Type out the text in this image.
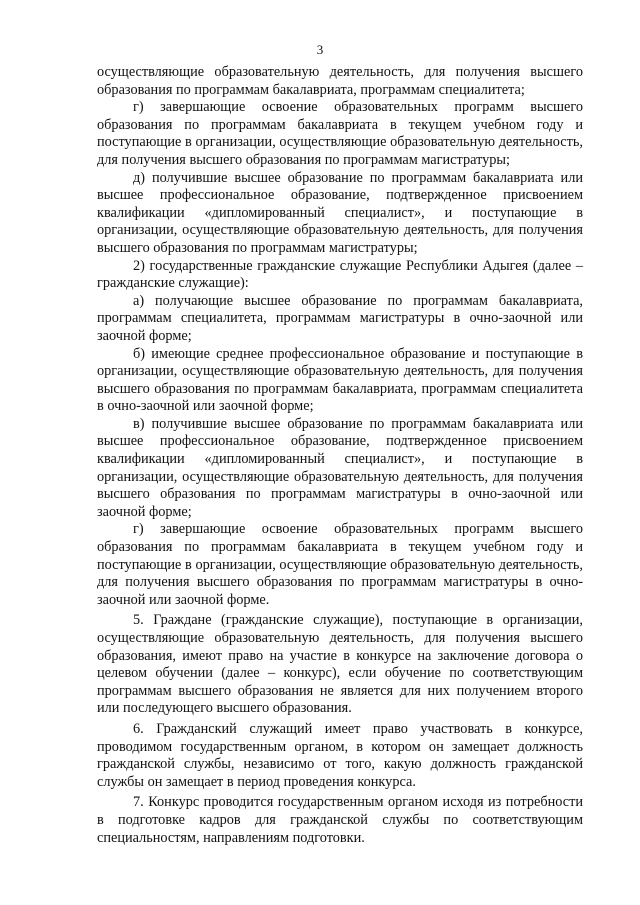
3

осуществляющие образовательную деятельность, для получения высшего образования по программам бакалавриата, программам специалитета;

г) завершающие освоение образовательных программ высшего образования по программам бакалавриата в текущем учебном году и поступающие в организации, осуществляющие образовательную деятельность, для получения высшего образования по программам магистратуры;

д) получившие высшее образование по программам бакалавриата или высшее профессиональное образование, подтвержденное присвоением квалификации «дипломированный специалист», и поступающие в организации, осуществляющие образовательную деятельность, для получения высшего образования по программам магистратуры;

2) государственные гражданские служащие Республики Адыгея (далее – гражданские служащие):

а) получающие высшее образование по программам бакалавриата, программам специалитета, программам магистратуры в очно-заочной или заочной форме;

б) имеющие среднее профессиональное образование и поступающие в организации, осуществляющие образовательную деятельность, для получения высшего образования по программам бакалавриата, программам специалитета в очно-заочной или заочной форме;

в) получившие высшее образование по программам бакалавриата или высшее профессиональное образование, подтвержденное присвоением квалификации «дипломированный специалист», и поступающие в организации, осуществляющие образовательную деятельность, для получения высшего образования по программам магистратуры в очно-заочной или заочной форме;

г) завершающие освоение образовательных программ высшего образования по программам бакалавриата в текущем учебном году и поступающие в организации, осуществляющие образовательную деятельность, для получения высшего образования по программам магистратуры в очно-заочной или заочной форме.

5. Граждане (гражданские служащие), поступающие в организации, осуществляющие образовательную деятельность, для получения высшего образования, имеют право на участие в конкурсе на заключение договора о целевом обучении (далее – конкурс), если обучение по соответствующим программам высшего образования не является для них получением второго или последующего высшего образования.

6. Гражданский служащий имеет право участвовать в конкурсе, проводимом государственным органом, в котором он замещает должность гражданской службы, независимо от того, какую должность гражданской службы он замещает в период проведения конкурса.

7. Конкурс проводится государственным органом исходя из потребности в подготовке кадров для гражданской службы по соответствующим специальностям, направлениям подготовки.
